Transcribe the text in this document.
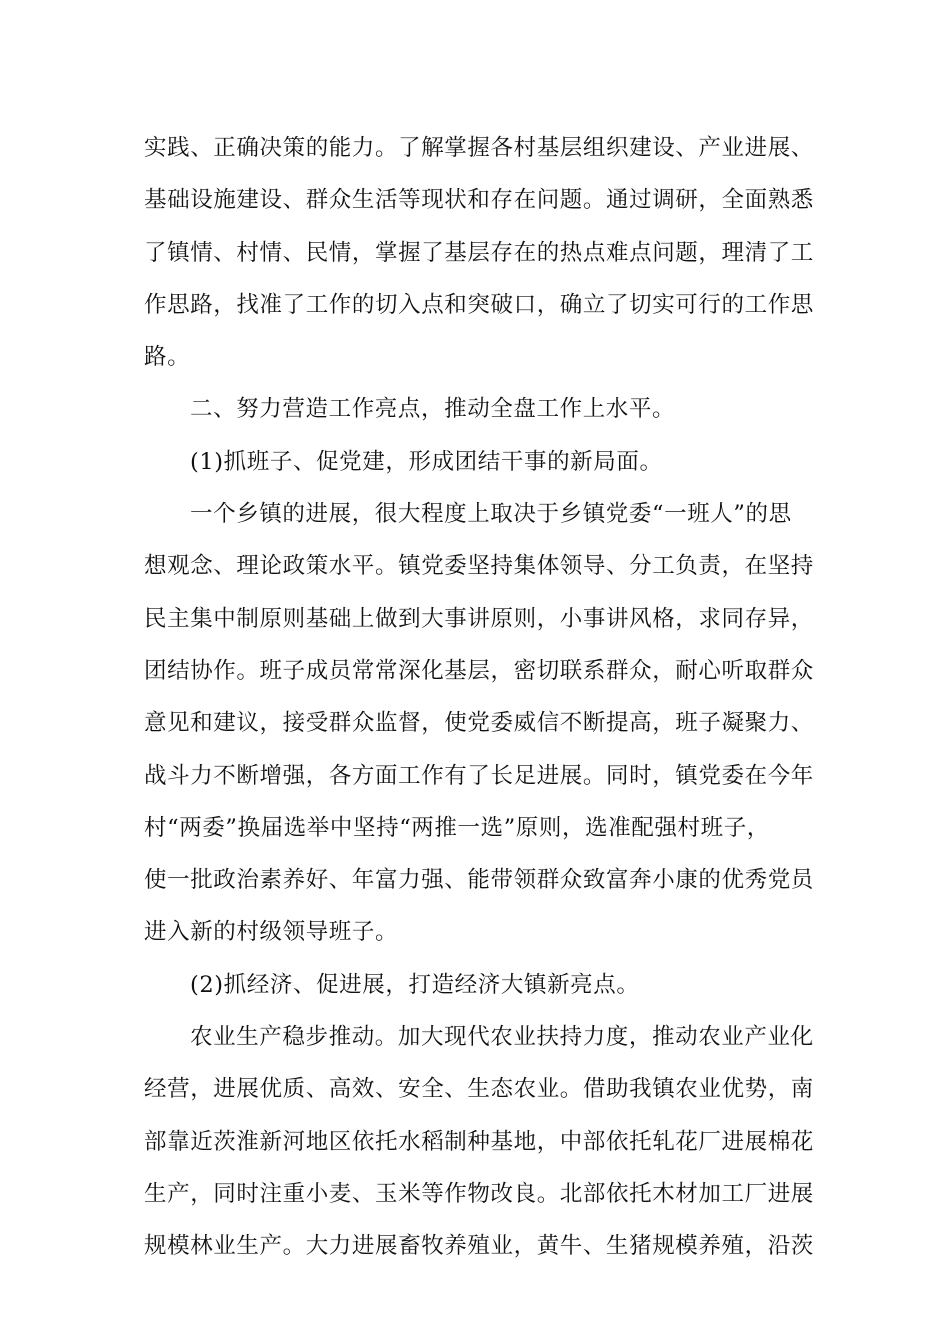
实践、正确决策的能力。了解掌握各村基层组织建设、产业进展、
基础设施建设、群众生活等现状和存在问题。通过调研，全面熟悉
了镇情、村情、民情，掌握了基层存在的热点难点问题，理清了工
作思路，找准了工作的切入点和突破口，确立了切实可行的工作思
路。
二、努力营造工作亮点，推动全盘工作上水平。
(1)抓班子、促党建，形成团结干事的新局面。
一个乡镇的进展，很大程度上取决于乡镇党委“一班人”的思
想观念、理论政策水平。镇党委坚持集体领导、分工负责，在坚持
民主集中制原则基础上做到大事讲原则，小事讲风格，求同存异，
团结协作。班子成员常常深化基层，密切联系群众，耐心听取群众
意见和建议，接受群众监督，使党委威信不断提高，班子凝聚力、
战斗力不断增强，各方面工作有了长足进展。同时，镇党委在今年
村“两委”换届选举中坚持“两推一选”原则，选准配强村班子，
使一批政治素养好、年富力强、能带领群众致富奔小康的优秀党员
进入新的村级领导班子。
(2)抓经济、促进展，打造经济大镇新亮点。
农业生产稳步推动。加大现代农业扶持力度，推动农业产业化
经营，进展优质、高效、安全、生态农业。借助我镇农业优势，南
部靠近茨淮新河地区依托水稻制种基地，中部依托轧花厂进展棉花
生产，同时注重小麦、玉米等作物改良。北部依托木材加工厂进展
规模林业生产。大力进展畜牧养殖业，黄牛、生猪规模养殖，沿茨
